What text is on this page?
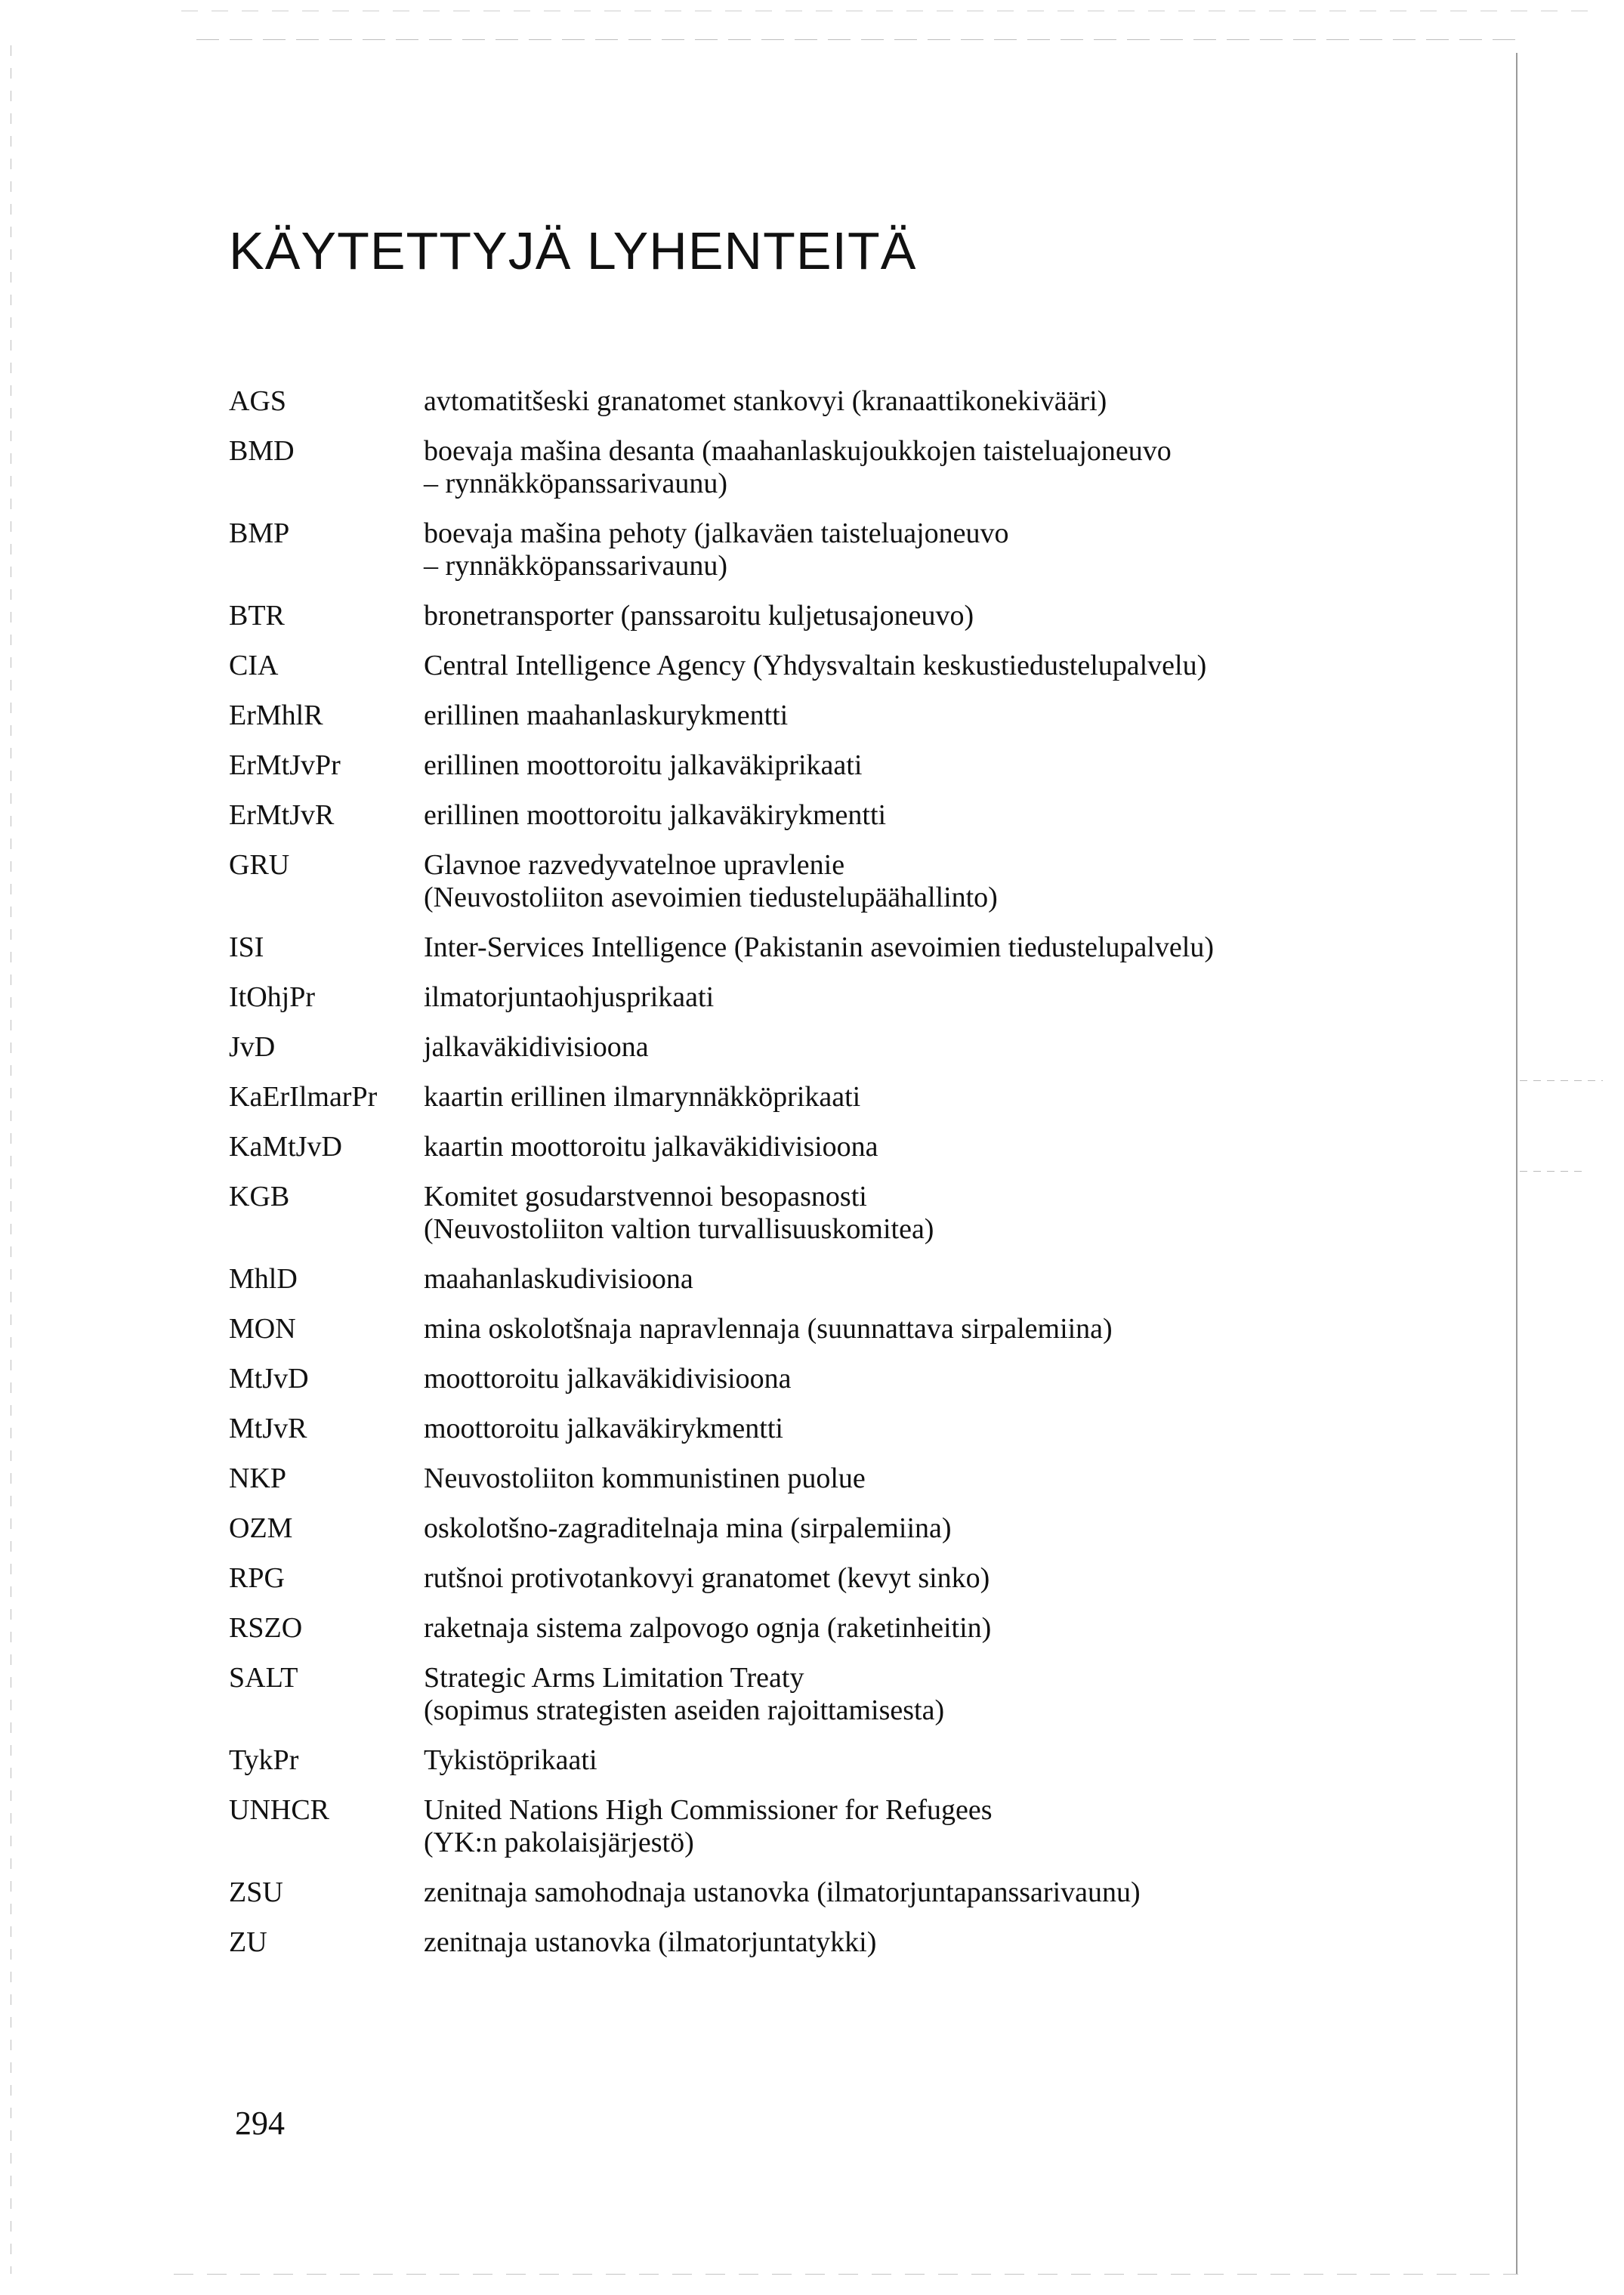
KÄYTETTYJÄ LYHENTEITÄ
AGS	avtomatitšeski granatomet stankovyi (kranaattikonekivääri)
BMD	boevaja mašina desanta (maahanlaskujoukkojen taisteluajoneuvo
– rynnäkköpanssarivaunu)
BMP	boevaja mašina pehoty (jalkaväen taisteluajoneuvo
– rynnäkköpanssarivaunu)
BTR	bronetransporter (panssaroitu kuljetusajoneuvo)
CIA	Central Intelligence Agency (Yhdysvaltain keskustiedustelupalvelu)
ErMhlR	erillinen maahanlaskurykmentti
ErMtJvPr	erillinen moottoroitu jalkaväkiprikaati
ErMtJvR	erillinen moottoroitu jalkaväkirykmentti
GRU	Glavnoe razvedyvatelnoe upravlenie
(Neuvostoliiton asevoimien tiedustelupäähallinto)
ISI	Inter-Services Intelligence (Pakistanin asevoimien tiedustelupalvelu)
ItOhjPr	ilmatorjuntaohjusprikaati
JvD	jalkaväkidivisioona
KaErIlmarPr	kaartin erillinen ilmarynnäkköprikaati
KaMtJvD	kaartin moottoroitu jalkaväkidivisioona
KGB	Komitet gosudarstvennoi besopasnosti
(Neuvostoliiton valtion turvallisuuskomitea)
MhlD	maahanlaskudivisioona
MON	mina oskolotšnaja napravlennaja (suunnattava sirpalemiina)
MtJvD	moottoroitu jalkaväkidivisioona
MtJvR	moottoroitu jalkaväkirykmentti
NKP	Neuvostoliiton kommunistinen puolue
OZM	oskolotšno-zagraditelnaja mina (sirpalemiina)
RPG	rutšnoi protivotankovyi granatomet (kevyt sinko)
RSZO	raketnaja sistema zalpovogo ognja (raketinheitin)
SALT	Strategic Arms Limitation Treaty
(sopimus strategisten aseiden rajoittamisesta)
TykPr	Tykistöprikaati
UNHCR	United Nations High Commissioner for Refugees
(YK:n pakolaisjärjestö)
ZSU	zenitnaja samohodnaja ustanovka (ilmatorjuntapanssarivaunu)
ZU	zenitnaja ustanovka (ilmatorjuntatykki)
294
